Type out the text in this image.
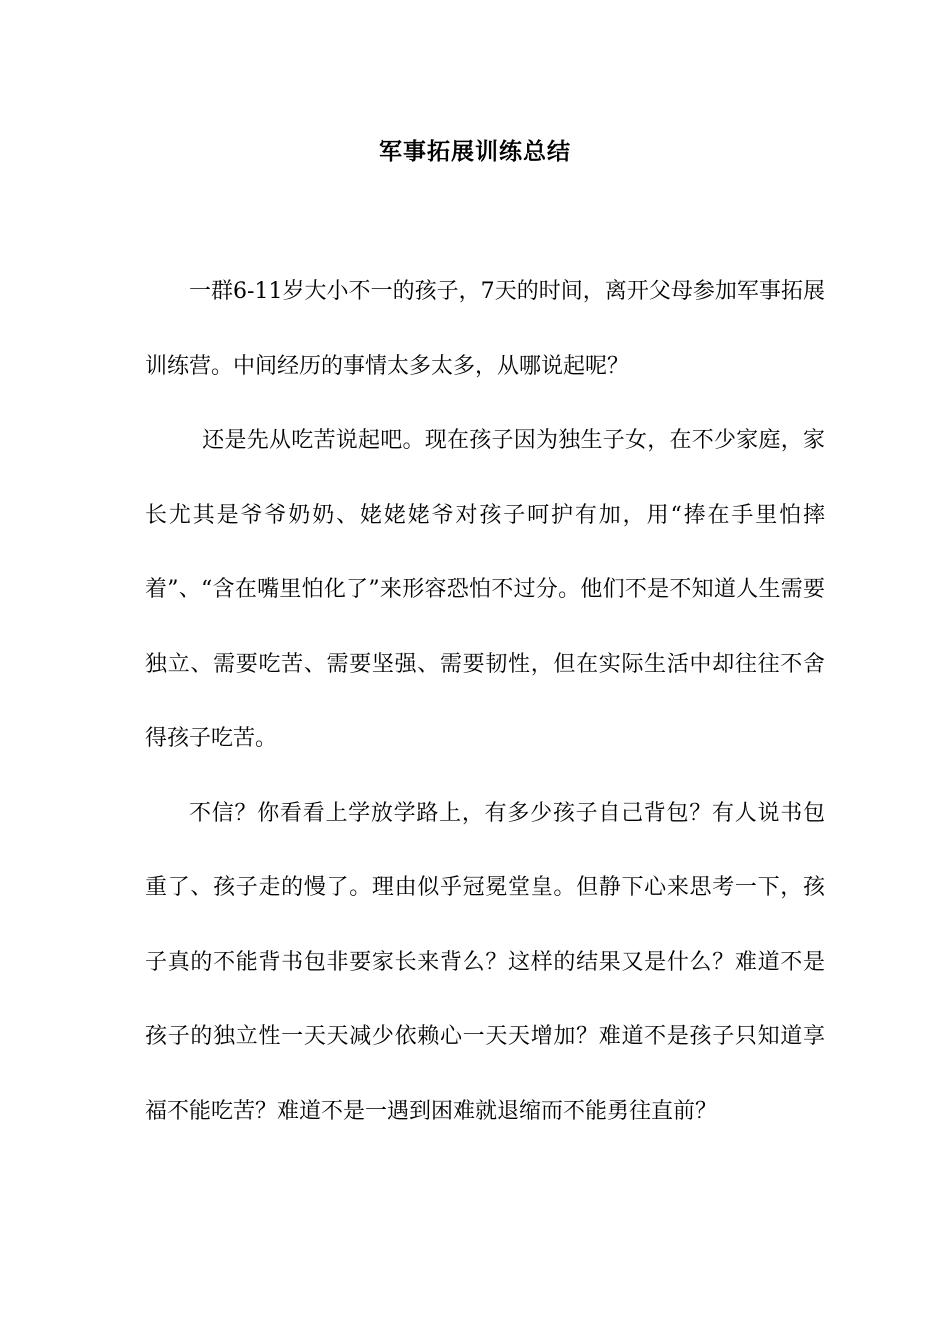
军事拓展训练总结

一群6-11岁大小不一的孩子，7天的时间，离开父母参加军事拓展训练营。中间经历的事情太多太多，从哪说起呢？

还是先从吃苦说起吧。现在孩子因为独生子女，在不少家庭，家长尤其是爷爷奶奶、姥姥姥爷对孩子呵护有加，用“捧在手里怕摔着”、“含在嘴里怕化了”来形容恐怕不过分。他们不是不知道人生需要独立、需要吃苦、需要坚强、需要韧性，但在实际生活中却往往不舍得孩子吃苦。

不信？你看看上学放学路上，有多少孩子自己背包？有人说书包重了、孩子走的慢了。理由似乎冠冕堂皇。但静下心来思考一下，孩子真的不能背书包非要家长来背么？这样的结果又是什么？难道不是孩子的独立性一天天减少依赖心一天天增加？难道不是孩子只知道享福不能吃苦？难道不是一遇到困难就退缩而不能勇往直前？
